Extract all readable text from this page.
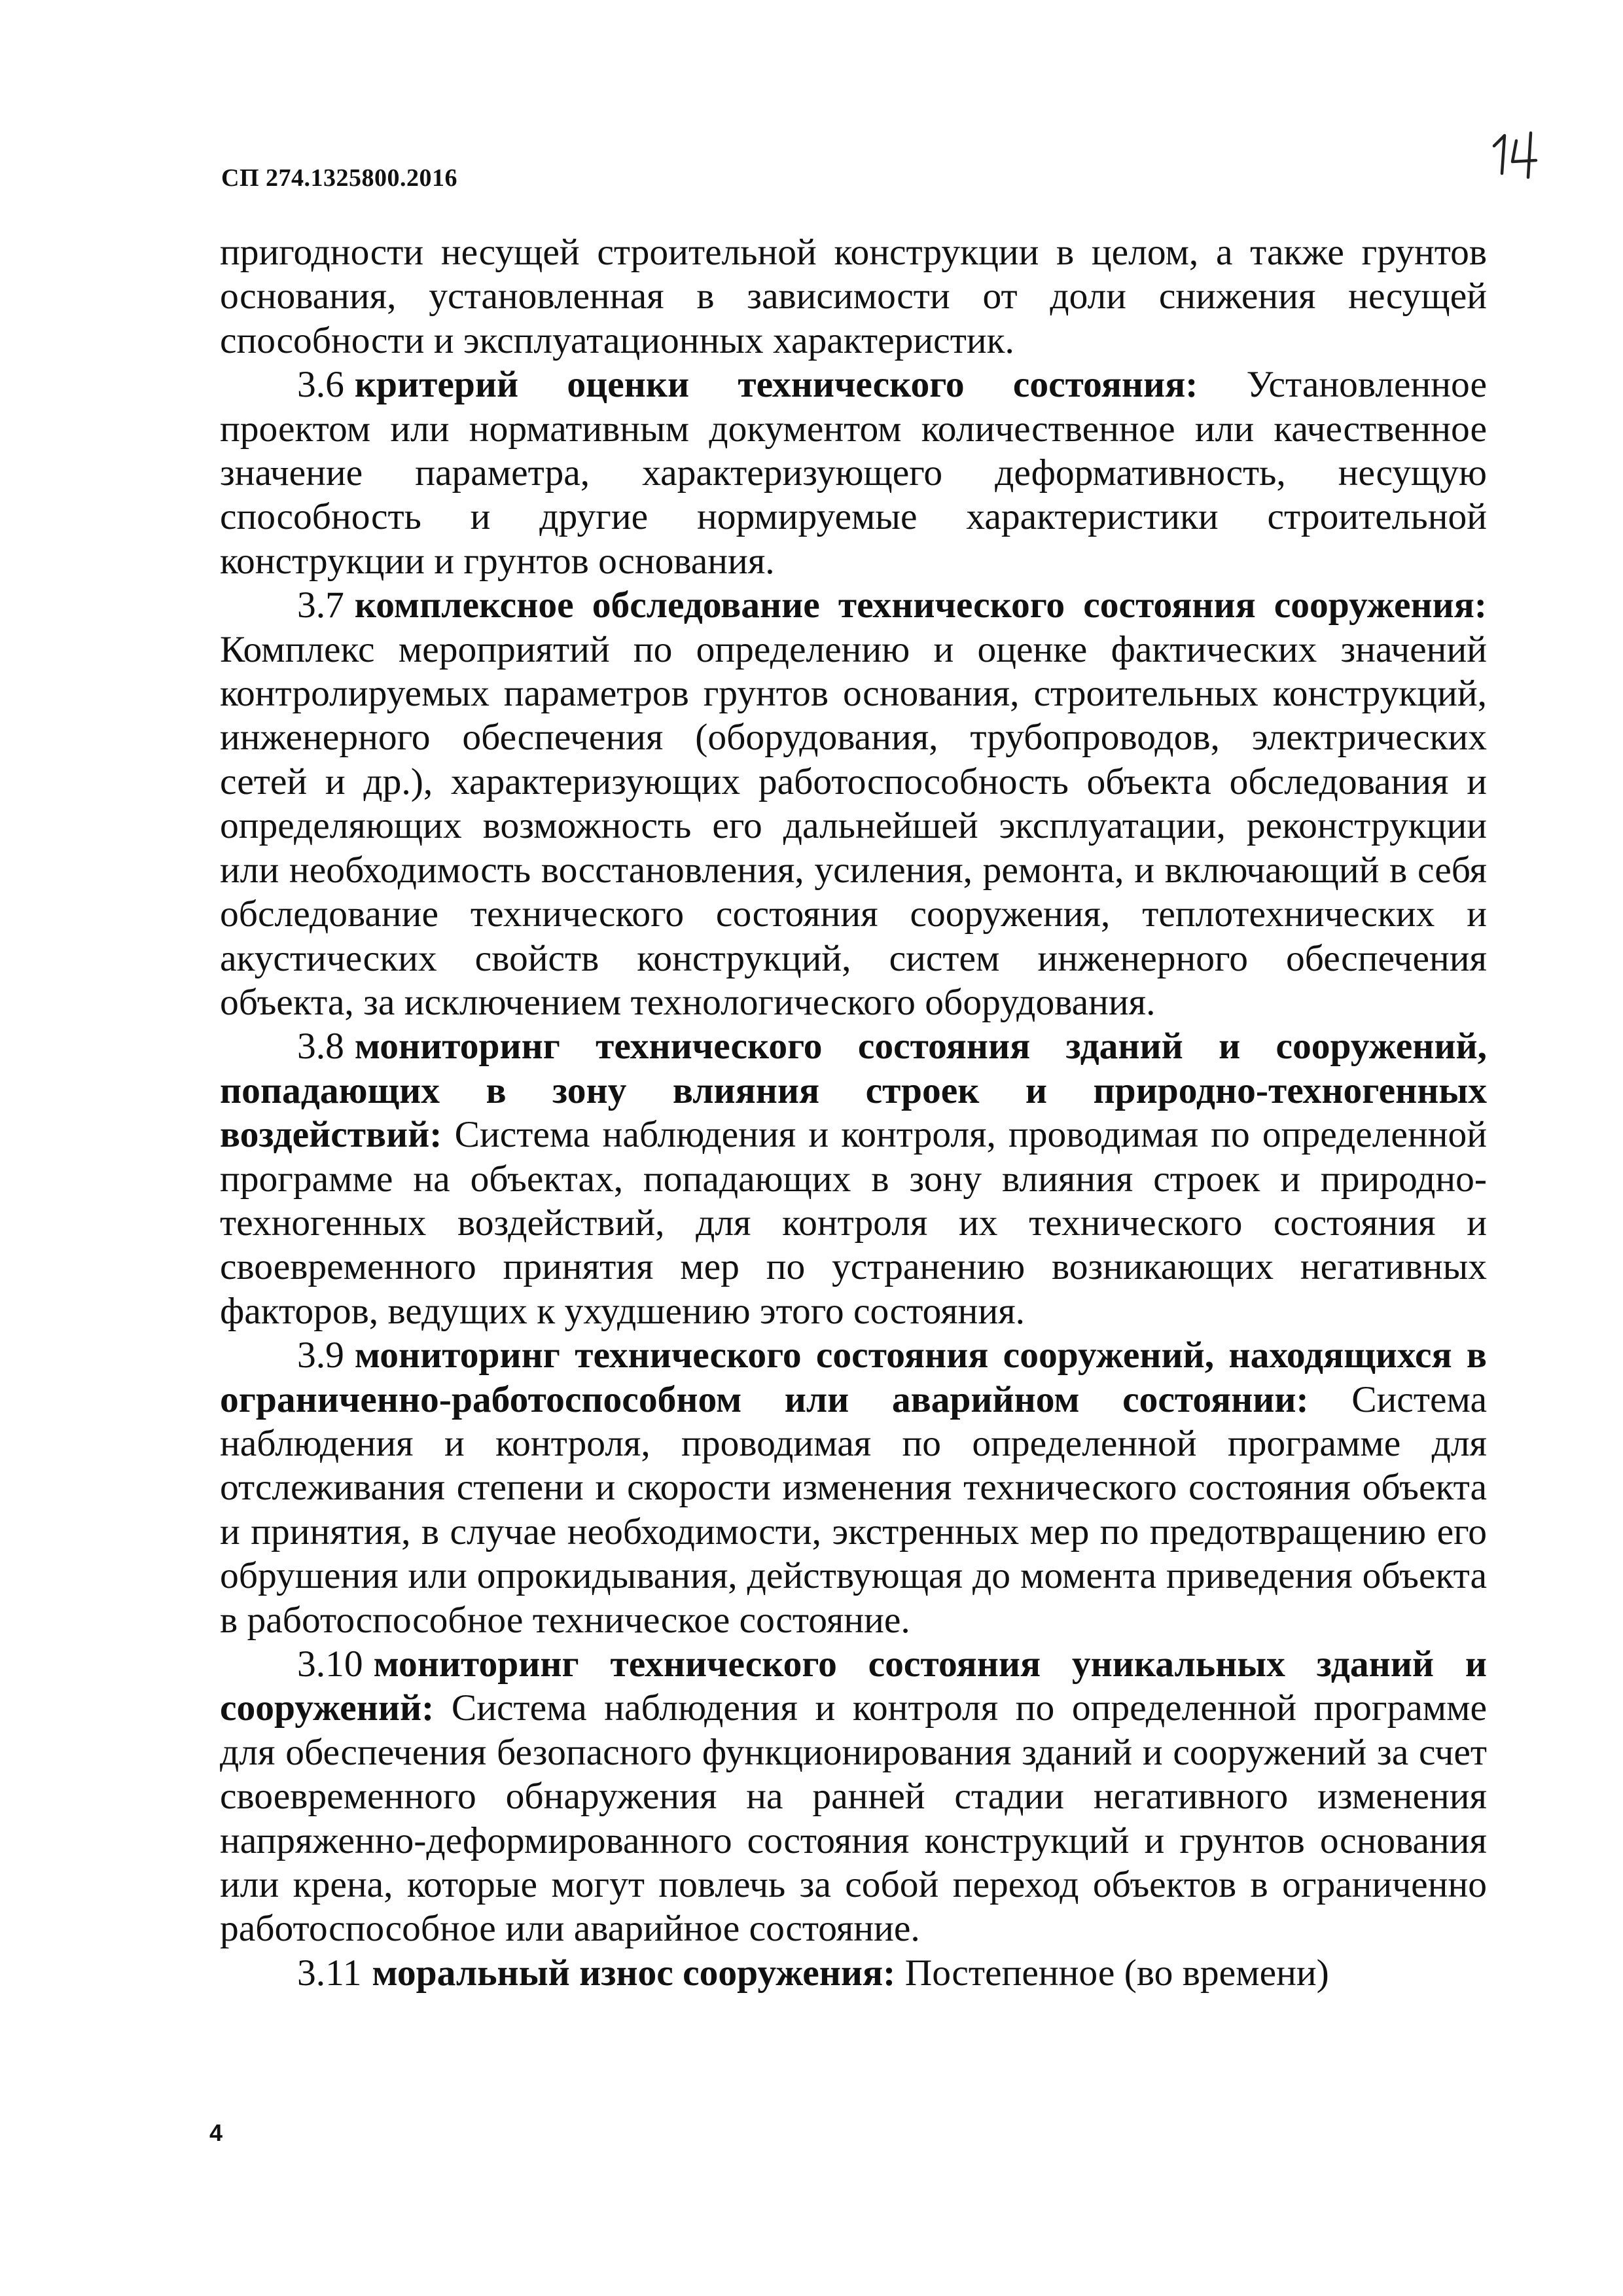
СП 274.1325800.2016

пригодности несущей строительной конструкции в целом, а также грунтов основания, установленная в зависимости от доли снижения несущей способности и эксплуатационных характеристик.

3.6 критерий оценки технического состояния: Установленное проектом или нормативным документом количественное или качественное значение параметра, характеризующего деформативность, несущую способность и другие нормируемые характеристики строительной конструкции и грунтов основания.

3.7 комплексное обследование технического состояния сооружения: Комплекс мероприятий по определению и оценке фактических значений контролируемых параметров грунтов основания, строительных конструкций, инженерного обеспечения (оборудования, трубопроводов, электрических сетей и др.), характеризующих работоспособность объекта обследования и определяющих возможность его дальнейшей эксплуатации, реконструкции или необходимость восстановления, усиления, ремонта, и включающий в себя обследование технического состояния сооружения, теплотехнических и акустических свойств конструкций, систем инженерного обеспечения объекта, за исключением технологического оборудования.

3.8 мониторинг технического состояния зданий и сооружений, попадающих в зону влияния строек и природно-техногенных воздействий: Система наблюдения и контроля, проводимая по определенной программе на объектах, попадающих в зону влияния строек и природно-техногенных воздействий, для контроля их технического состояния и своевременного принятия мер по устранению возникающих негативных факторов, ведущих к ухудшению этого состояния.

3.9 мониторинг технического состояния сооружений, находящихся в ограниченно-работоспособном или аварийном состоянии: Система наблюдения и контроля, проводимая по определенной программе для отслеживания степени и скорости изменения технического состояния объекта и принятия, в случае необходимости, экстренных мер по предотвращению его обрушения или опрокидывания, действующая до момента приведения объекта в работоспособное техническое состояние.

3.10 мониторинг технического состояния уникальных зданий и сооружений: Система наблюдения и контроля по определенной программе для обеспечения безопасного функционирования зданий и сооружений за счет своевременного обнаружения на ранней стадии негативного изменения напряженно-деформированного состояния конструкций и грунтов основания или крена, которые могут повлечь за собой переход объектов в ограниченно работоспособное или аварийное состояние.

3.11 моральный износ сооружения: Постепенное (во времени)

4
